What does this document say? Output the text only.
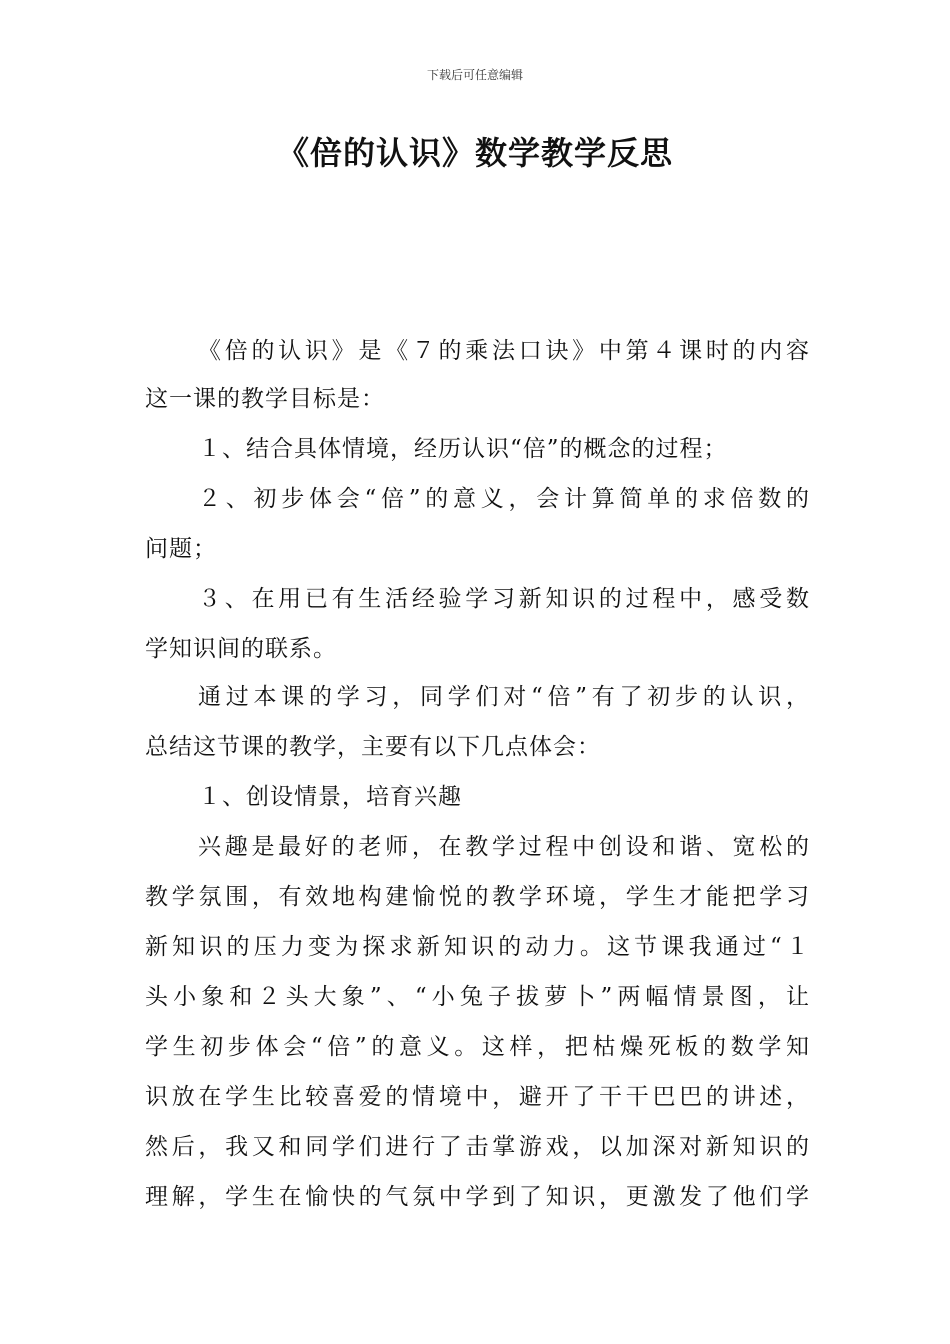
下载后可任意编辑
《倍的认识》数学教学反思
《倍的认识》是《７的乘法口诀》中第４课时的内容
这一课的教学目标是：
１、结合具体情境，经历认识“倍”的概念的过程；
２、初步体会“倍”的意义，会计算简单的求倍数的
问题；
３、在用已有生活经验学习新知识的过程中，感受数
学知识间的联系。
通过本课的学习，同学们对“倍”有了初步的认识，
总结这节课的教学，主要有以下几点体会：
１、创设情景，培育兴趣
兴趣是最好的老师，在教学过程中创设和谐、宽松的
教学氛围，有效地构建愉悦的教学环境，学生才能把学习
新知识的压力变为探求新知识的动力。这节课我通过“１
头小象和２头大象”、“小兔子拔萝卜”两幅情景图，让
学生初步体会“倍”的意义。这样，把枯燥死板的数学知
识放在学生比较喜爱的情境中，避开了干干巴巴的讲述，
然后，我又和同学们进行了击掌游戏，以加深对新知识的
理解，学生在愉快的气氛中学到了知识，更激发了他们学
